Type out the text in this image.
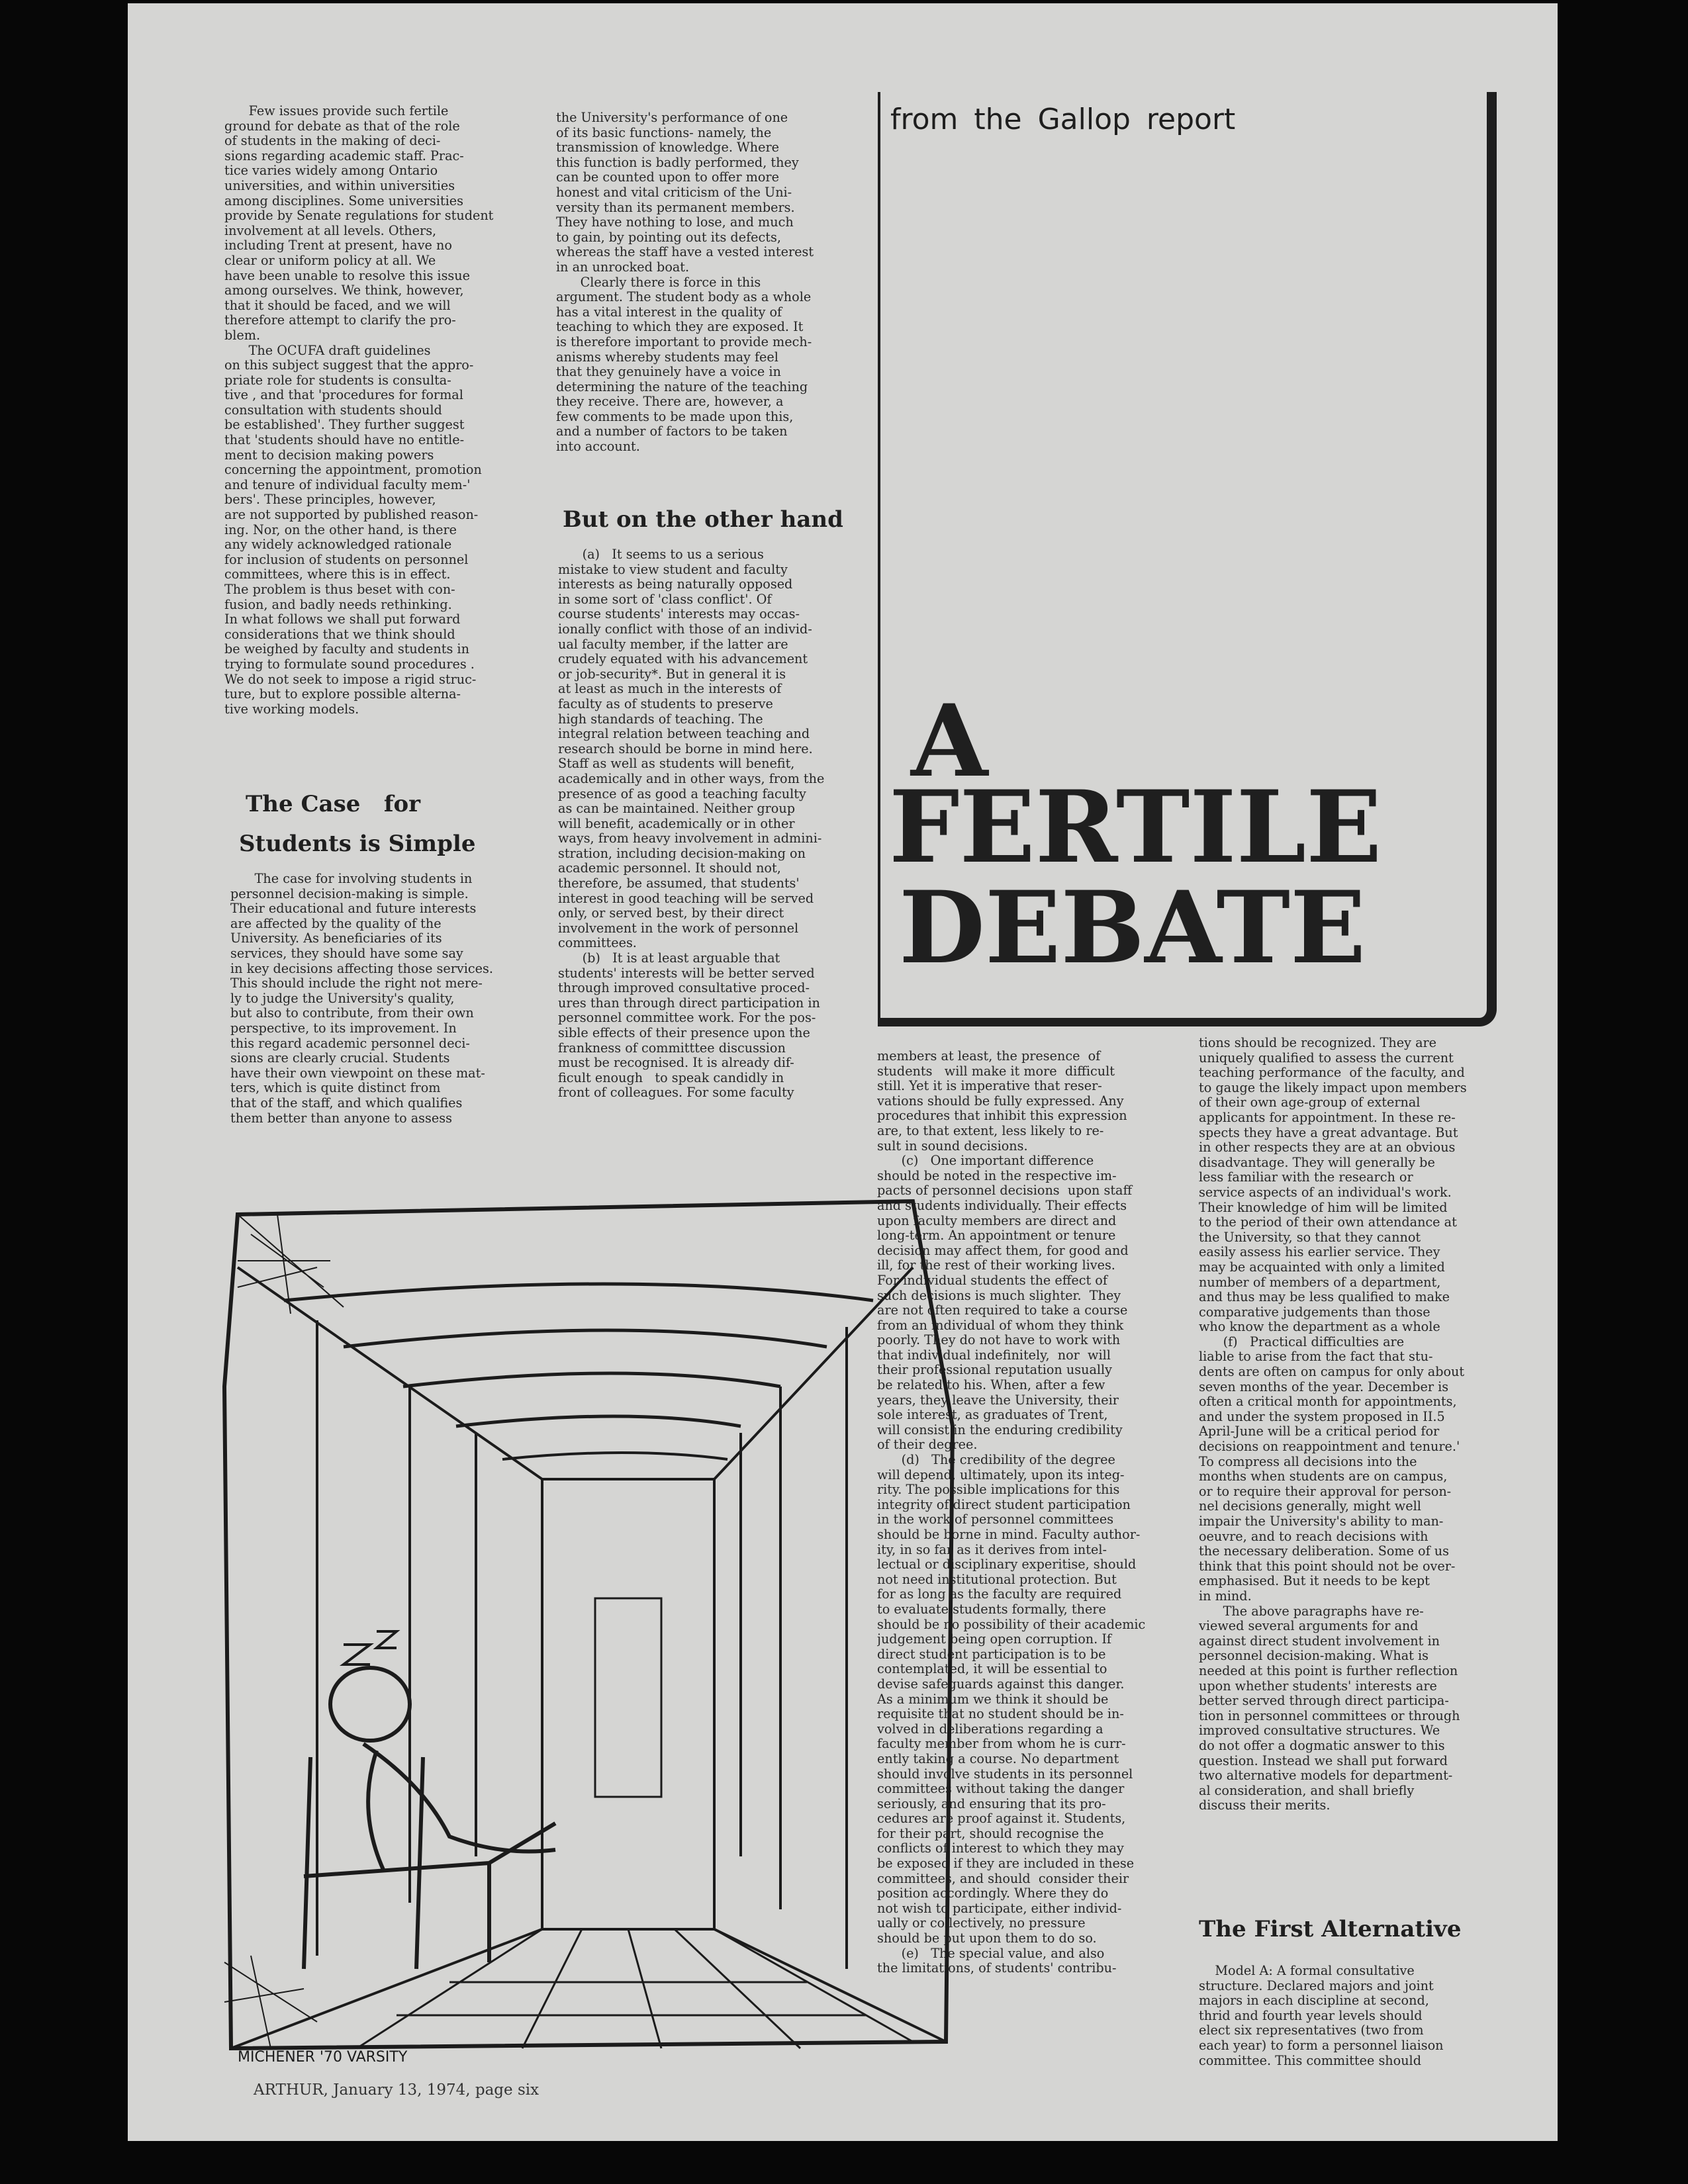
Few issues provide such fertile
ground for debate as that of the role
of students in the making of deci-
sions regarding academic staff. Prac-
tice varies widely among Ontario
universities, and within universities
among disciplines. Some universities
provide by Senate regulations for student
involvement at all levels. Others,
including Trent at present, have no
clear or uniform policy at all. We
have been unable to resolve this issue
among ourselves. We think, however,
that it should be faced, and we will
therefore attempt to clarify the pro-
blem.
The OCUFA draft guidelines
on this subject suggest that the appro-
priate role for students is consulta-
tive , and that 'procedures for formal
consultation with students should
be established'. They further suggest
that 'students should have no entitle-
ment to decision making powers
concerning the appointment, promotion
and tenure of individual faculty mem-'
bers'. These principles, however,
are not supported by published reason-
ing. Nor, on the other hand, is there
any widely acknowledged rationale
for inclusion of students on personnel
committees, where this is in effect.
The problem is thus beset with con-
fusion, and badly needs rethinking.
In what follows we shall put forward
considerations that we think should
be weighed by faculty and students in
trying to formulate sound procedures .
We do not seek to impose a rigid struc-
ture, but to explore possible alterna-
tive working models.
The Case   for
Students is Simple
The case for involving students in
personnel decision-making is simple.
Their educational and future interests
are affected by the quality of the
University. As beneficiaries of its
services, they should have some say
in key decisions affecting those services.
This should include the right not mere-
ly to judge the University's quality,
but also to contribute, from their own
perspective, to its improvement. In
this regard academic personnel deci-
sions are clearly crucial. Students
have their own viewpoint on these mat-
ters, which is quite distinct from
that of the staff, and which qualifies
them better than anyone to assess
the University's performance of one
of its basic functions- namely, the
transmission of knowledge. Where
this function is badly performed, they
can be counted upon to offer more
honest and vital criticism of the Uni-
versity than its permanent members.
They have nothing to lose, and much
to gain, by pointing out its defects,
whereas the staff have a vested interest
in an unrocked boat.
Clearly there is force in this
argument. The student body as a whole
has a vital interest in the quality of
teaching to which they are exposed. It
is therefore important to provide mech-
anisms whereby students may feel
that they genuinely have a voice in
determining the nature of the teaching
they receive. There are, however, a
few comments to be made upon this,
and a number of factors to be taken
into account.
But on the other hand
(a)   It seems to us a serious
mistake to view student and faculty
interests as being naturally opposed
in some sort of 'class conflict'. Of
course students' interests may occas-
ionally conflict with those of an individ-
ual faculty member, if the latter are
crudely equated with his advancement
or job-security*. But in general it is
at least as much in the interests of
faculty as of students to preserve
high standards of teaching. The
integral relation between teaching and
research should be borne in mind here.
Staff as well as students will benefit,
academically and in other ways, from the
presence of as good a teaching faculty
as can be maintained. Neither group
will benefit, academically or in other
ways, from heavy involvement in admini-
stration, including decision-making on
academic personnel. It should not,
therefore, be assumed, that students'
interest in good teaching will be served
only, or served best, by their direct
involvement in the work of personnel
committees.
(b)   It is at least arguable that
students' interests will be better served
through improved consultative proced-
ures than through direct participation in
personnel committee work. For the pos-
sible effects of their presence upon the
frankness of committtee discussion
must be recognised. It is already dif-
ficult enough   to speak candidly in
front of colleagues. For some faculty
from the Gallop report
A
FERTILE
DEBATE
members at least, the presence  of
students   will make it more  difficult
still. Yet it is imperative that reser-
vations should be fully expressed. Any
procedures that inhibit this expression
are, to that extent, less likely to re-
sult in sound decisions.
(c)   One important difference
should be noted in the respective im-
pacts of personnel decisions  upon staff
and students individually. Their effects
upon faculty members are direct and
long-term. An appointment or tenure
decision may affect them, for good and
ill, for the rest of their working lives.
For individual students the effect of
such decisions is much slighter.  They
are not often required to take a course
from an individual of whom they think
poorly. They do not have to work with
that individual indefinitely,  nor  will
their professional reputation usually
be related to his. When, after a few
years, they leave the University, their
sole interest, as graduates of Trent,
will consist in the enduring credibility
of their degree.
(d)   The credibility of the degree
will depend, ultimately, upon its integ-
rity. The possible implications for this
integrity of direct student participation
in the work of personnel committees
should be borne in mind. Faculty author-
ity, in so far as it derives from intel-
lectual or disciplinary experitise, should
not need institutional protection. But
for as long as the faculty are required
to evaluate students formally, there
should be no possibility of their academic
judgement being open corruption. If
direct student participation is to be
contemplated, it will be essential to
devise safeguards against this danger.
As a minimum we think it should be
requisite that no student should be in-
volved in deliberations regarding a
faculty member from whom he is curr-
ently taking a course. No department
should involve students in its personnel
committees without taking the danger
seriously, and ensuring that its pro-
cedures are proof against it. Students,
for their part, should recognise the
conflicts of interest to which they may
be exposed if they are included in these
committees, and should  consider their
position accordingly. Where they do
not wish to participate, either individ-
ually or collectively, no pressure
should be put upon them to do so.
(e)   The special value, and also
the limitations, of students' contribu-
tions should be recognized. They are
uniquely qualified to assess the current
teaching performance  of the faculty, and
to gauge the likely impact upon members
of their own age-group of external
applicants for appointment. In these re-
spects they have a great advantage. But
in other respects they are at an obvious
disadvantage. They will generally be
less familiar with the research or
service aspects of an individual's work.
Their knowledge of him will be limited
to the period of their own attendance at
the University, so that they cannot
easily assess his earlier service. They
may be acquainted with only a limited
number of members of a department,
and thus may be less qualified to make
comparative judgements than those
who know the department as a whole
(f)   Practical difficulties are
liable to arise from the fact that stu-
dents are often on campus for only about
seven months of the year. December is
often a critical month for appointments,
and under the system proposed in II.5
April-June will be a critical period for
decisions on reappointment and tenure.'
To compress all decisions into the
months when students are on campus,
or to require their approval for person-
nel decisions generally, might well
impair the University's ability to man-
oeuvre, and to reach decisions with
the necessary deliberation. Some of us
think that this point should not be over-
emphasised. But it needs to be kept
in mind.
The above paragraphs have re-
viewed several arguments for and
against direct student involvement in
personnel decision-making. What is
needed at this point is further reflection
upon whether students' interests are
better served through direct participa-
tion in personnel committees or through
improved consultative structures. We
do not offer a dogmatic answer to this
question. Instead we shall put forward
two alternative models for department-
al consideration, and shall briefly
discuss their merits.
The First Alternative
Model A: A formal consultative
structure. Declared majors and joint
majors in each discipline at second,
thrid and fourth year levels should
elect six representatives (two from
each year) to form a personnel liaison
committee. This committee should
MICHENER '70 VARSITY
ARTHUR, January 13, 1974, page six
